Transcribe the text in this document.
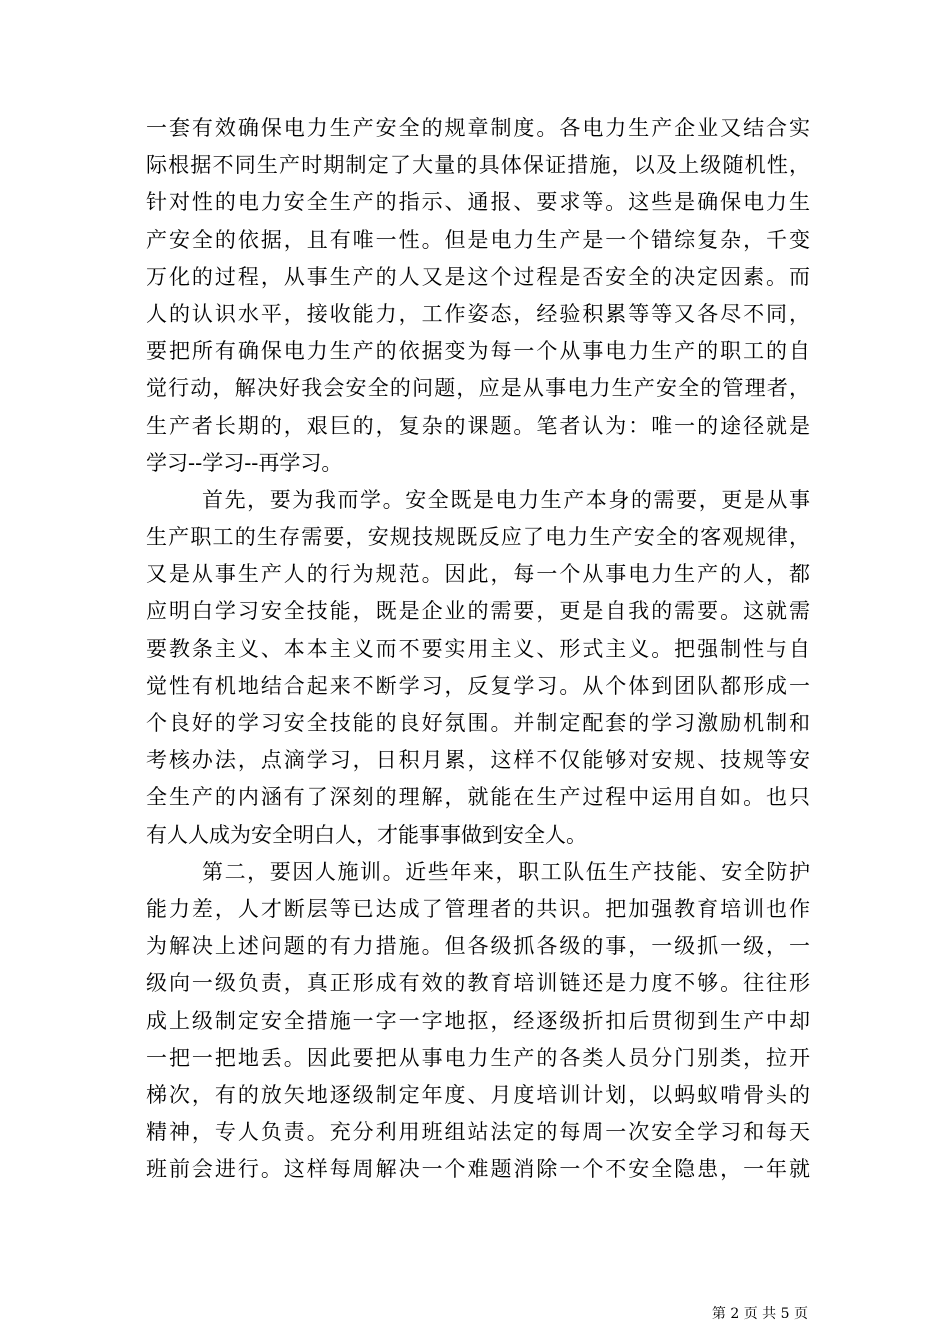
一套有效确保电力生产安全的规章制度。各电力生产企业又结合实
际根据不同生产时期制定了大量的具体保证措施，以及上级随机性，
针对性的电力安全生产的指示、通报、要求等。这些是确保电力生
产安全的依据，且有唯一性。但是电力生产是一个错综复杂，千变
万化的过程，从事生产的人又是这个过程是否安全的决定因素。而
人的认识水平，接收能力，工作姿态，经验积累等等又各尽不同，
要把所有确保电力生产的依据变为每一个从事电力生产的职工的自
觉行动，解决好我会安全的问题，应是从事电力生产安全的管理者，
生产者长期的，艰巨的，复杂的课题。笔者认为：唯一的途径就是
学习--学习--再学习。
首先，要为我而学。安全既是电力生产本身的需要，更是从事
生产职工的生存需要，安规技规既反应了电力生产安全的客观规律，
又是从事生产人的行为规范。因此，每一个从事电力生产的人，都
应明白学习安全技能，既是企业的需要，更是自我的需要。这就需
要教条主义、本本主义而不要实用主义、形式主义。把强制性与自
觉性有机地结合起来不断学习，反复学习。从个体到团队都形成一
个良好的学习安全技能的良好氛围。并制定配套的学习激励机制和
考核办法，点滴学习，日积月累，这样不仅能够对安规、技规等安
全生产的内涵有了深刻的理解，就能在生产过程中运用自如。也只
有人人成为安全明白人，才能事事做到安全人。
第二，要因人施训。近些年来，职工队伍生产技能、安全防护
能力差，人才断层等已达成了管理者的共识。把加强教育培训也作
为解决上述问题的有力措施。但各级抓各级的事，一级抓一级，一
级向一级负责，真正形成有效的教育培训链还是力度不够。往往形
成上级制定安全措施一字一字地抠，经逐级折扣后贯彻到生产中却
一把一把地丢。因此要把从事电力生产的各类人员分门别类，拉开
梯次，有的放矢地逐级制定年度、月度培训计划，以蚂蚁啃骨头的
精神，专人负责。充分利用班组站法定的每周一次安全学习和每天
班前会进行。这样每周解决一个难题消除一个不安全隐患，一年就
第 2 页 共 5 页
